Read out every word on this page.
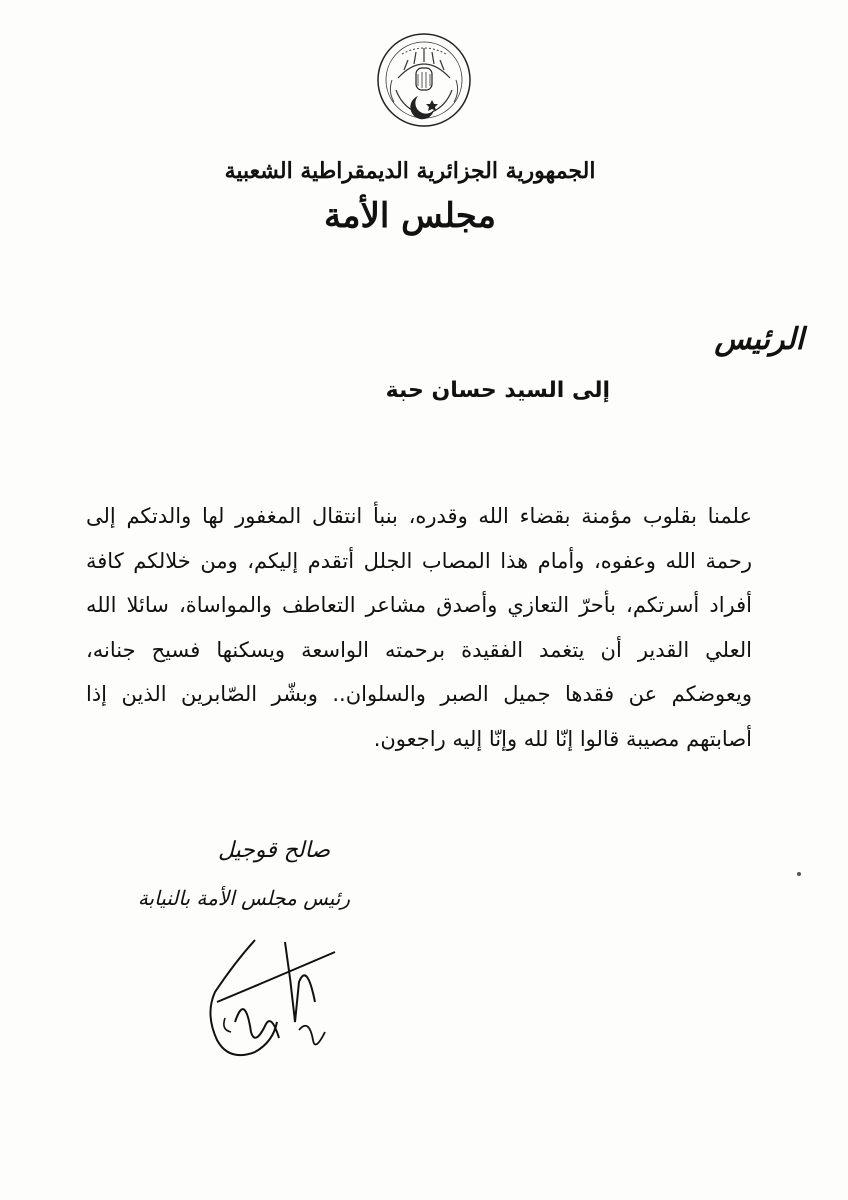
الجمهورية الجزائرية الديمقراطية الشعبية
مجلس الأمة
الرئيس
إلى السيد حسان حبة
علمنا بقلوب مؤمنة بقضاء الله وقدره، بنبأ انتقال المغفور لها والدتكم إلى رحمة الله وعفوه، وأمام هذا المصاب الجلل أتقدم إليكم، ومن خلالكم كافة أفراد أسرتكم، بأحرّ التعازي وأصدق مشاعر التعاطف والمواساة، سائلا الله العلي القدير أن يتغمد الفقيدة برحمته الواسعة ويسكنها فسيح جنانه، ويعوضكم عن فقدها جميل الصبر والسلوان.. وبشّر الصّابرين الذين إذا أصابتهم مصيبة قالوا إنّا لله وإنّا إليه راجعون.
صالح قوجيل
رئيس مجلس الأمة بالنيابة
